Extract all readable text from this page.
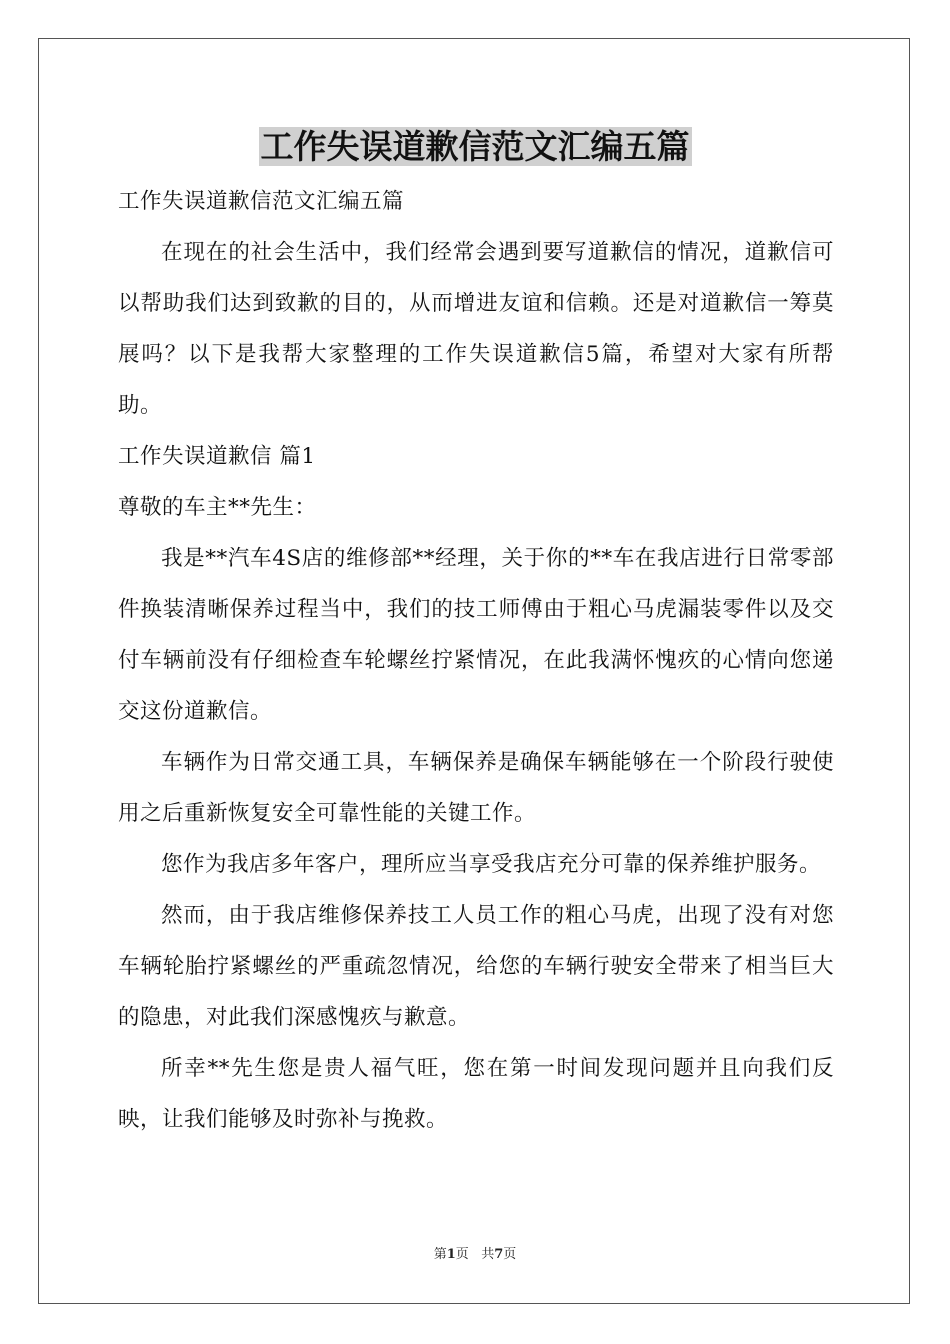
工作失误道歉信范文汇编五篇

工作失误道歉信范文汇编五篇

在现在的社会生活中，我们经常会遇到要写道歉信的情况，道歉信可以帮助我们达到致歉的目的，从而增进友谊和信赖。还是对道歉信一筹莫展吗？以下是我帮大家整理的工作失误道歉信5篇，希望对大家有所帮助。

工作失误道歉信 篇1

尊敬的车主**先生：

我是**汽车4S店的维修部**经理，关于你的**车在我店进行日常零部件换装清晰保养过程当中，我们的技工师傅由于粗心马虎漏装零件以及交付车辆前没有仔细检查车轮螺丝拧紧情况，在此我满怀愧疚的心情向您递交这份道歉信。

车辆作为日常交通工具，车辆保养是确保车辆能够在一个阶段行驶使用之后重新恢复安全可靠性能的关键工作。

您作为我店多年客户，理所应当享受我店充分可靠的保养维护服务。

然而，由于我店维修保养技工人员工作的粗心马虎，出现了没有对您车辆轮胎拧紧螺丝的严重疏忽情况，给您的车辆行驶安全带来了相当巨大的隐患，对此我们深感愧疚与歉意。

所幸**先生您是贵人福气旺，您在第一时间发现问题并且向我们反映，让我们能够及时弥补与挽救。

第1页 共7页
